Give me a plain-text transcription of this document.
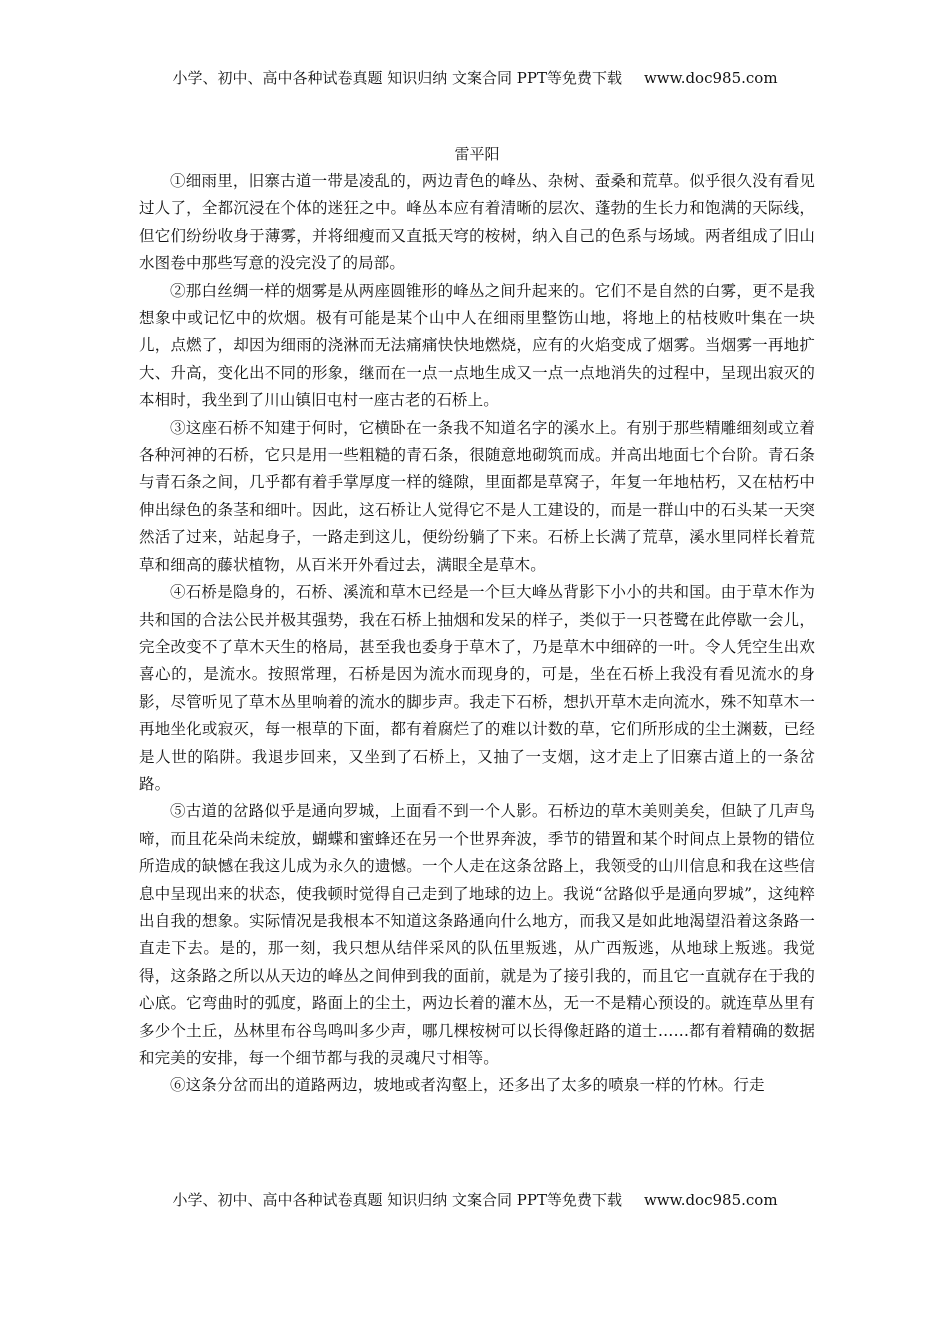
小学、初中、高中各种试卷真题 知识归纳 文案合同 PPT等免费下载 www.doc985.com

雷平阳

①细雨里，旧寨古道一带是凌乱的，两边青色的峰丛、杂树、蚕桑和荒草。似乎很久没有看见过人了，全都沉浸在个体的迷狂之中。峰丛本应有着清晰的层次、蓬勃的生长力和饱满的天际线，但它们纷纷收身于薄雾，并将细瘦而又直抵天穹的桉树，纳入自己的色系与场域。两者组成了旧山水图卷中那些写意的没完没了的局部。

②那白丝绸一样的烟雾是从两座圆锥形的峰丛之间升起来的。它们不是自然的白雾，更不是我想象中或记忆中的炊烟。极有可能是某个山中人在细雨里整饬山地，将地上的枯枝败叶集在一块儿，点燃了，却因为细雨的浇淋而无法痛痛快快地燃烧，应有的火焰变成了烟雾。当烟雾一再地扩大、升高，变化出不同的形象，继而在一点一点地生成又一点一点地消失的过程中，呈现出寂灭的本相时，我坐到了川山镇旧屯村一座古老的石桥上。

③这座石桥不知建于何时，它横卧在一条我不知道名字的溪水上。有别于那些精雕细刻或立着各种河神的石桥，它只是用一些粗糙的青石条，很随意地砌筑而成。并高出地面七个台阶。青石条与青石条之间，几乎都有着手掌厚度一样的缝隙，里面都是草窝子，年复一年地枯朽，又在枯朽中伸出绿色的条茎和细叶。因此，这石桥让人觉得它不是人工建设的，而是一群山中的石头某一天突然活了过来，站起身子，一路走到这儿，便纷纷躺了下来。石桥上长满了荒草，溪水里同样长着荒草和细高的藤状植物，从百米开外看过去，满眼全是草木。

④石桥是隐身的，石桥、溪流和草木已经是一个巨大峰丛背影下小小的共和国。由于草木作为共和国的合法公民并极其强势，我在石桥上抽烟和发呆的样子，类似于一只苍鹭在此停歇一会儿，完全改变不了草木天生的格局，甚至我也委身于草木了，乃是草木中细碎的一叶。令人凭空生出欢喜心的，是流水。按照常理，石桥是因为流水而现身的，可是，坐在石桥上我没有看见流水的身影，尽管听见了草木丛里响着的流水的脚步声。我走下石桥，想扒开草木走向流水，殊不知草木一再地坐化或寂灭，每一根草的下面，都有着腐烂了的难以计数的草，它们所形成的尘土渊薮，已经是人世的陷阱。我退步回来，又坐到了石桥上，又抽了一支烟，这才走上了旧寨古道上的一条岔路。

⑤古道的岔路似乎是通向罗城，上面看不到一个人影。石桥边的草木美则美矣，但缺了几声鸟啼，而且花朵尚未绽放，蝴蝶和蜜蜂还在另一个世界奔波，季节的错置和某个时间点上景物的错位所造成的缺憾在我这儿成为永久的遗憾。一个人走在这条岔路上，我领受的山川信息和我在这些信息中呈现出来的状态，使我顿时觉得自己走到了地球的边上。我说“岔路似乎是通向罗城”，这纯粹出自我的想象。实际情况是我根本不知道这条路通向什么地方，而我又是如此地渴望沿着这条路一直走下去。是的，那一刻，我只想从结伴采风的队伍里叛逃，从广西叛逃，从地球上叛逃。我觉得，这条路之所以从天边的峰丛之间伸到我的面前，就是为了接引我的，而且它一直就存在于我的心底。它弯曲时的弧度，路面上的尘土，两边长着的灌木丛，无一不是精心预设的。就连草丛里有多少个土丘，丛林里布谷鸟鸣叫多少声，哪几棵桉树可以长得像赶路的道士……都有着精确的数据和完美的安排，每一个细节都与我的灵魂尺寸相等。

⑥这条分岔而出的道路两边，坡地或者沟壑上，还多出了太多的喷泉一样的竹林。行走

小学、初中、高中各种试卷真题 知识归纳 文案合同 PPT等免费下载 www.doc985.com
